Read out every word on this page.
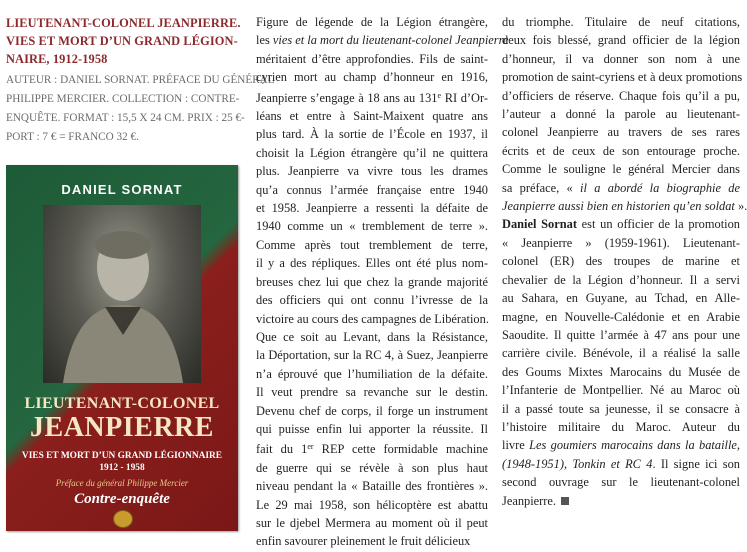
LIEUTENANT-COLONEL JEANPIERRE.
VIES ET MORT D’UN GRAND LÉGION-
NAIRE, 1912-1958
AUTEUR : DANIEL SORNAT. PRÉFACE DU GÉNÉRAL
PHILIPPE MERCIER. COLLECTION : CONTRE-
ENQUÊTE. FORMAT : 15,5 X 24 CM. PRIX : 25 €-
PORT : 7 € = FRANCO 32 €.
DANIEL SORNAT
LIEUTENANT-COLONEL
JEANPIERRE
VIES ET MORT D’UN GRAND LÉGIONNAIRE
1912 - 1958
Préface du général Philippe Mercier
Contre-enquête
Figure de légende de la Légion étrangère,
les vies et la mort du lieutenant-colonel Jeanpierre
méritaient d’être approfondies. Fils de saint-
cyrien mort au champ d’honneur en 1916,
Jeanpierre s’engage à 18 ans au 131e RI d’Or-
léans et entre à Saint-Maixent quatre ans
plus tard. À la sortie de l’École en 1937, il
choisit la Légion étrangère qu’il ne quittera
plus. Jeanpierre va vivre tous les drames
qu’a connus l’armée française entre 1940
et 1958. Jeanpierre a ressenti la défaite de
1940 comme un « tremblement de terre ».
Comme après tout tremblement de terre,
il y a des répliques. Elles ont été plus nom-
breuses chez lui que chez la grande majorité
des officiers qui ont connu l’ivresse de la
victoire au cours des campagnes de Libération.
Que ce soit au Levant, dans la Résistance,
la Déportation, sur la RC 4, à Suez, Jeanpierre
n’a éprouvé que l’humiliation de la défaite.
Il veut prendre sa revanche sur le destin.
Devenu chef de corps, il forge un instrument
qui puisse enfin lui apporter la réussite. Il
fait du 1er REP cette formidable machine
de guerre qui se révèle à son plus haut
niveau pendant la « Bataille des frontières ».
Le 29 mai 1958, son hélicoptère est abattu
sur le djebel Mermera au moment où il peut
enfin savourer pleinement le fruit délicieux
du triomphe. Titulaire de neuf citations,
deux fois blessé, grand officier de la légion
d’honneur, il va donner son nom à une
promotion de saint-cyriens et à deux promotions
d’officiers de réserve. Chaque fois qu’il a pu,
l’auteur a donné la parole au lieutenant-
colonel Jeanpierre au travers de ses rares
écrits et de ceux de son entourage proche.
Comme le souligne le général Mercier dans
sa préface, « il a abordé la biographie de
Jeanpierre aussi bien en historien qu’en soldat ».
Daniel Sornat est un officier de la promotion
« Jeanpierre » (1959-1961). Lieutenant-
colonel (ER) des troupes de marine et
chevalier de la Légion d’honneur. Il a servi
au Sahara, en Guyane, au Tchad, en Alle-
magne, en Nouvelle-Calédonie et en Arabie
Saoudite. Il quitte l’armée à 47 ans pour une
carrière civile. Bénévole, il a réalisé la salle
des Goums Mixtes Marocains du Musée de
l’Infanterie de Montpellier. Né au Maroc où
il a passé toute sa jeunesse, il se consacre à
l’histoire militaire du Maroc. Auteur du
livre Les goumiers marocains dans la bataille,
(1948-1951), Tonkin et RC 4. Il signe ici son
second ouvrage sur le lieutenant-colonel
Jeanpierre.
